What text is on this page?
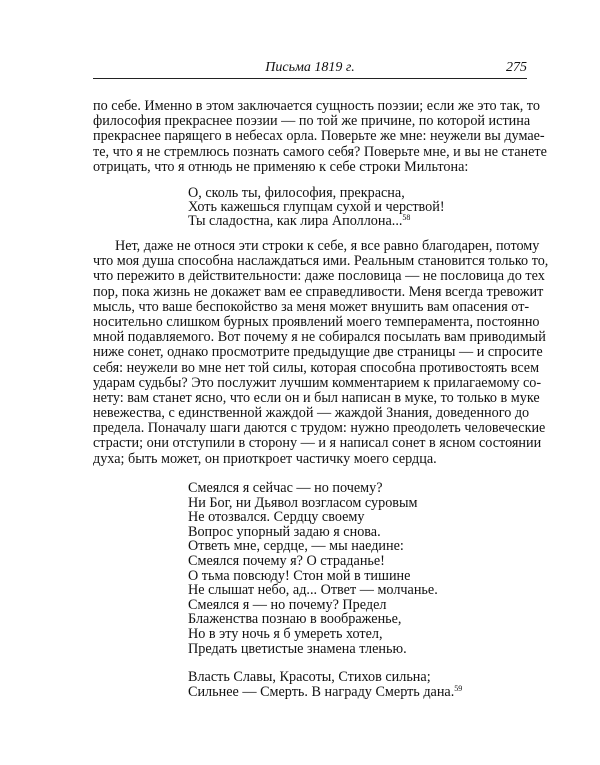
Письма 1819 г.	275
по себе. Именно в этом заключается сущность поэзии; если же это так, то
философия прекраснее поэзии — по той же причине, по которой истина
прекраснее парящего в небесах орла. Поверьте же мне: неужели вы думае-
те, что я не стремлюсь познать самого себя? Поверьте мне, и вы не станете
отрицать, что я отнюдь не применяю к себе строки Мильтона:
О, сколь ты, философия, прекрасна,
Хоть кажешься глупцам сухой и черствой!
Ты сладостна, как лира Аполлона...$^{58}$
Нет, даже не относя эти строки к себе, я все равно благодарен, потому
что моя душа способна наслаждаться ими. Реальным становится только то,
что пережито в действительности: даже пословица — не пословица до тех
пор, пока жизнь не докажет вам ее справедливости. Меня всегда тревожит
мысль, что ваше беспокойство за меня может внушить вам опасения от-
носительно слишком бурных проявлений моего темперамента, постоянно
мной подавляемого. Вот почему я не собирался посылать вам приводимый
ниже сонет, однако просмотрите предыдущие две страницы — и спросите
себя: неужели во мне нет той силы, которая способна противостоять всем
ударам судьбы? Это послужит лучшим комментарием к прилагаемому со-
нету: вам станет ясно, что если он и был написан в муке, то только в муке
невежества, с единственной жаждой — жаждой Знания, доведенного до
предела. Поначалу шаги даются с трудом: нужно преодолеть человеческие
страсти; они отступили в сторону — и я написал сонет в ясном состоянии
духа; быть может, он приоткроет частичку моего сердца.
Смеялся я сейчас — но почему?
Ни Бог, ни Дьявол возгласом суровым
Не отозвался. Сердцу своему
Вопрос упорный задаю я снова.
Ответь мне, сердце, — мы наедине:
Смеялся почему я? О страданье!
О тьма повсюду! Стон мой в тишине
Не слышат небо, ад... Ответ — молчанье.
Смеялся я — но почему? Предел
Блаженства познаю в воображенье,
Но в эту ночь я б умереть хотел,
Предать цветистые знамена тленью.
Власть Славы, Красоты, Стихов сильна;
Сильнее — Смерть. В награду Смерть дана.$^{59}$
